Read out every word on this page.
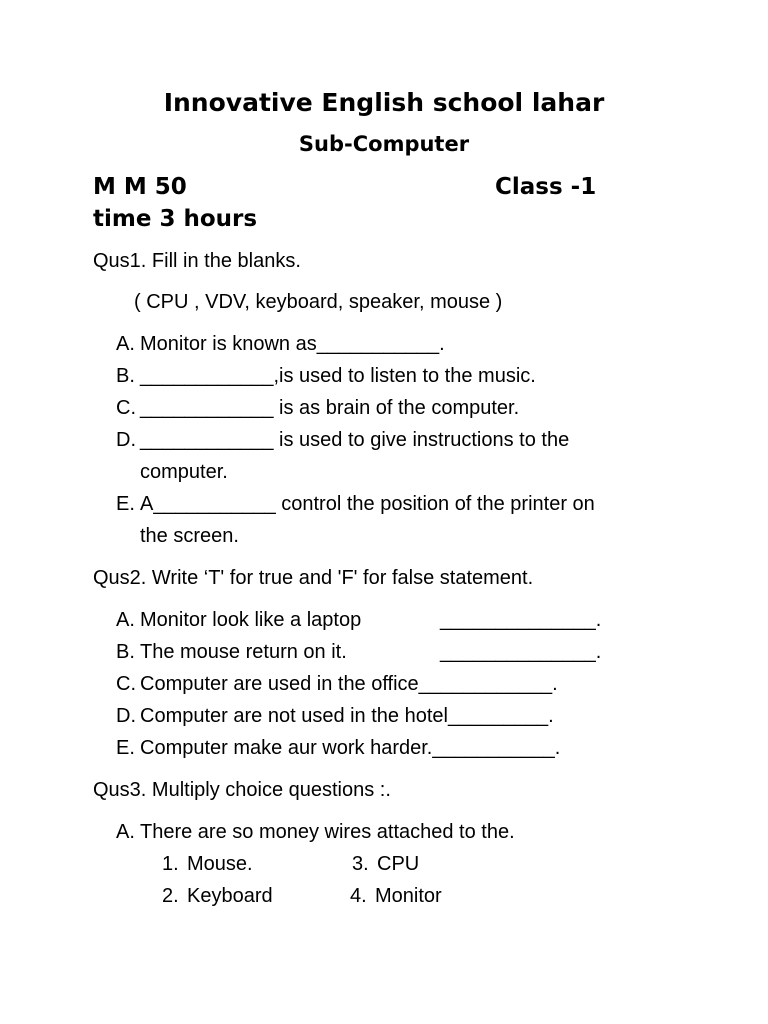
Innovative English school lahar
Sub-Computer
M M 50	Class -1
time 3 hours
Qus1. Fill in the blanks.
( CPU , VDV, keyboard, speaker, mouse )
A. Monitor is known as___________.
B. ____________,is used to listen to the music.
C. ____________ is as brain of the computer.
D. ____________ is used to give instructions to the
computer.
E. A___________ control the position of the printer on
the screen.
Qus2. Write ‘T' for true and 'F' for false statement.
A. Monitor look like a laptop	______________.
B. The mouse return on it.	______________.
C. Computer are used in the office____________.
D. Computer are not used in the hotel_________.
E. Computer make aur work harder.___________.
Qus3. Multiply choice questions :.
A. There are so money wires attached to the.
1. Mouse.	3. CPU
2. Keyboard	4. Monitor
